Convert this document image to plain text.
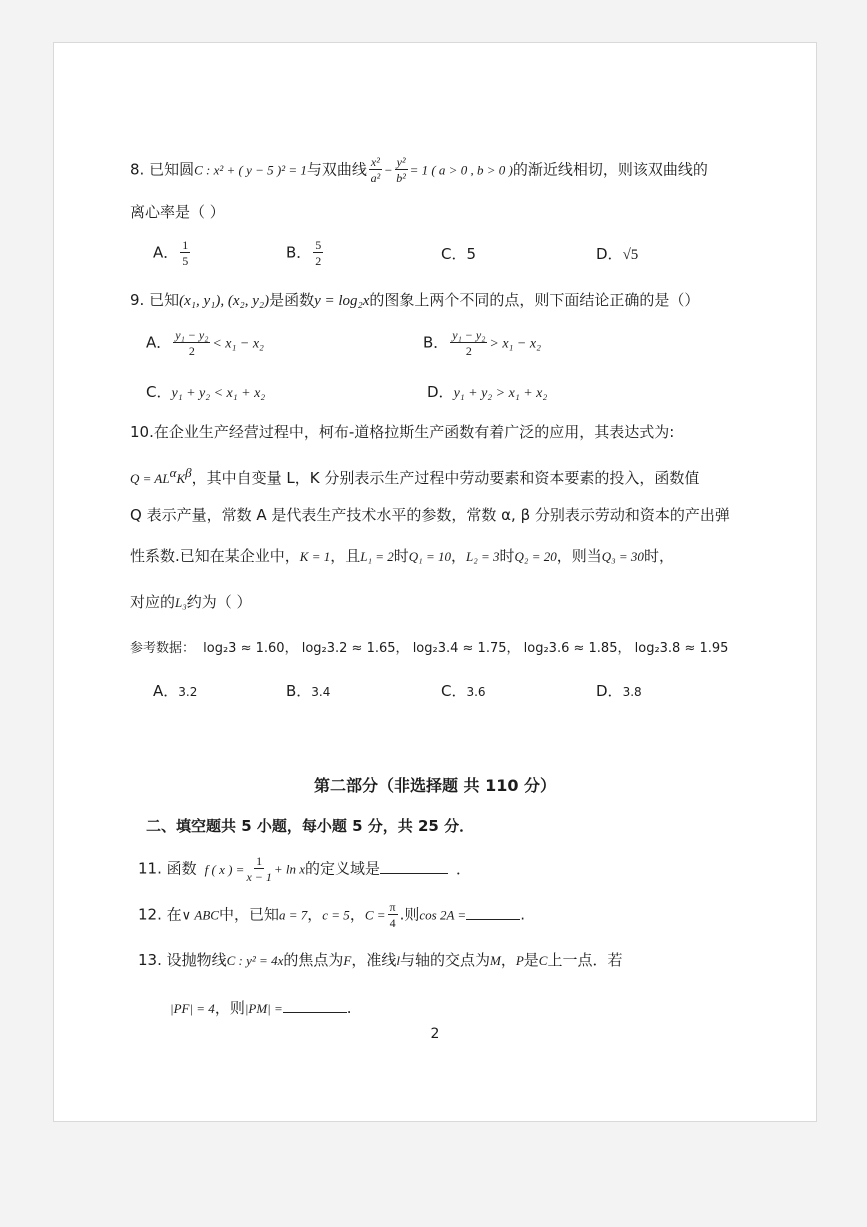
8. 已知圆C : x² + ( y − 5 )² = 1与双曲线 $\frac{\text{x²}}{\text{a²}} - \frac{\text{y²}}{\text{b²}} = 1$ ( a > 0 , b > 0 )的渐近线相切，则该双曲线的
离心率是（ ）
A． $\frac{1}{5}$	B． $\frac{5}{2}$	C．5	D．√5
9. 已知(x₁, y₁), (x₂, y₂)是函数y = log₂x的图象上两个不同的点，则下面结论正确的是（）
A． $\frac{\text{y₁ − y₂}}{2} < x_1 - x_2$	B． $\frac{\text{y₁ − y₂}}{2} > x_1 - x_2$
C．y₁ + y₂ < x₁ + x₂	D．y₁ + y₂ > x₁ + x₂
10.在企业生产经营过程中，柯布-道格拉斯生产函数有着广泛的应用，其表达式为:
$Q = AL^\alpha K^\beta$，其中自变量 L，K 分别表示生产过程中劳动要素和资本要素的投入，函数值
Q 表示产量，常数 A 是代表生产技术水平的参数，常数 α, β 分别表示劳动和资本的产出弹
性系数.已知在某企业中，K = 1，且L₁ = 2时Q₁ = 10，L₂ = 3时Q₂ = 20，则当Q₃ = 30时，
对应的L₃约为（ ）
参考数据： log₂3 ≈ 1.60， log₂3.2 ≈ 1.65， log₂3.4 ≈ 1.75， log₂3.6 ≈ 1.85， log₂3.8 ≈ 1.95
A．3.2	B．3.4	C．3.6	D．3.8
第二部分（非选择题 共 110 分）
二、填空题共 5 小题，每小题 5 分，共 25 分．
11. 函数 f ( x ) = $\frac{1}{x - 1} + \ln x$的定义域是	．
12. 在∨ ABC中，已知a = 7，c = 5，$C = \frac{\pi}{4}$ .则cos 2A =	.
13. 设抛物线C : y² = 4x的焦点为F，准线l与轴的交点为M，P是C上一点．若
|PF| = 4，则|PM| =	.
2
